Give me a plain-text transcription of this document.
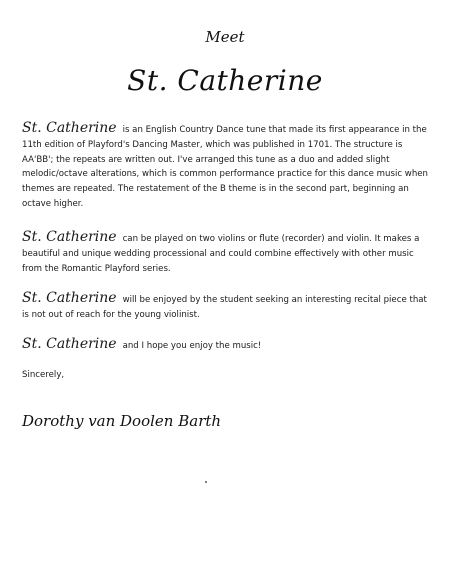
Meet
St. Catherine

St. Catherine is an English Country Dance tune that made its first appearance in the 11th edition of Playford's Dancing Master, which was published in 1701. The structure is AA'BB'; the repeats are written out. I've arranged this tune as a duo and added slight melodic/octave alterations, which is common performance practice for this dance music when themes are repeated. The restatement of the B theme is in the second part, beginning an octave higher.

St. Catherine can be played on two violins or flute (recorder) and violin. It makes a beautiful and unique wedding processional and could combine effectively with other music from the Romantic Playford series.

St. Catherine will be enjoyed by the student seeking an interesting recital piece that is not out of reach for the young violinist.

St. Catherine and I hope you enjoy the music!

Sincerely,
Dorothy van Doolen Barth
